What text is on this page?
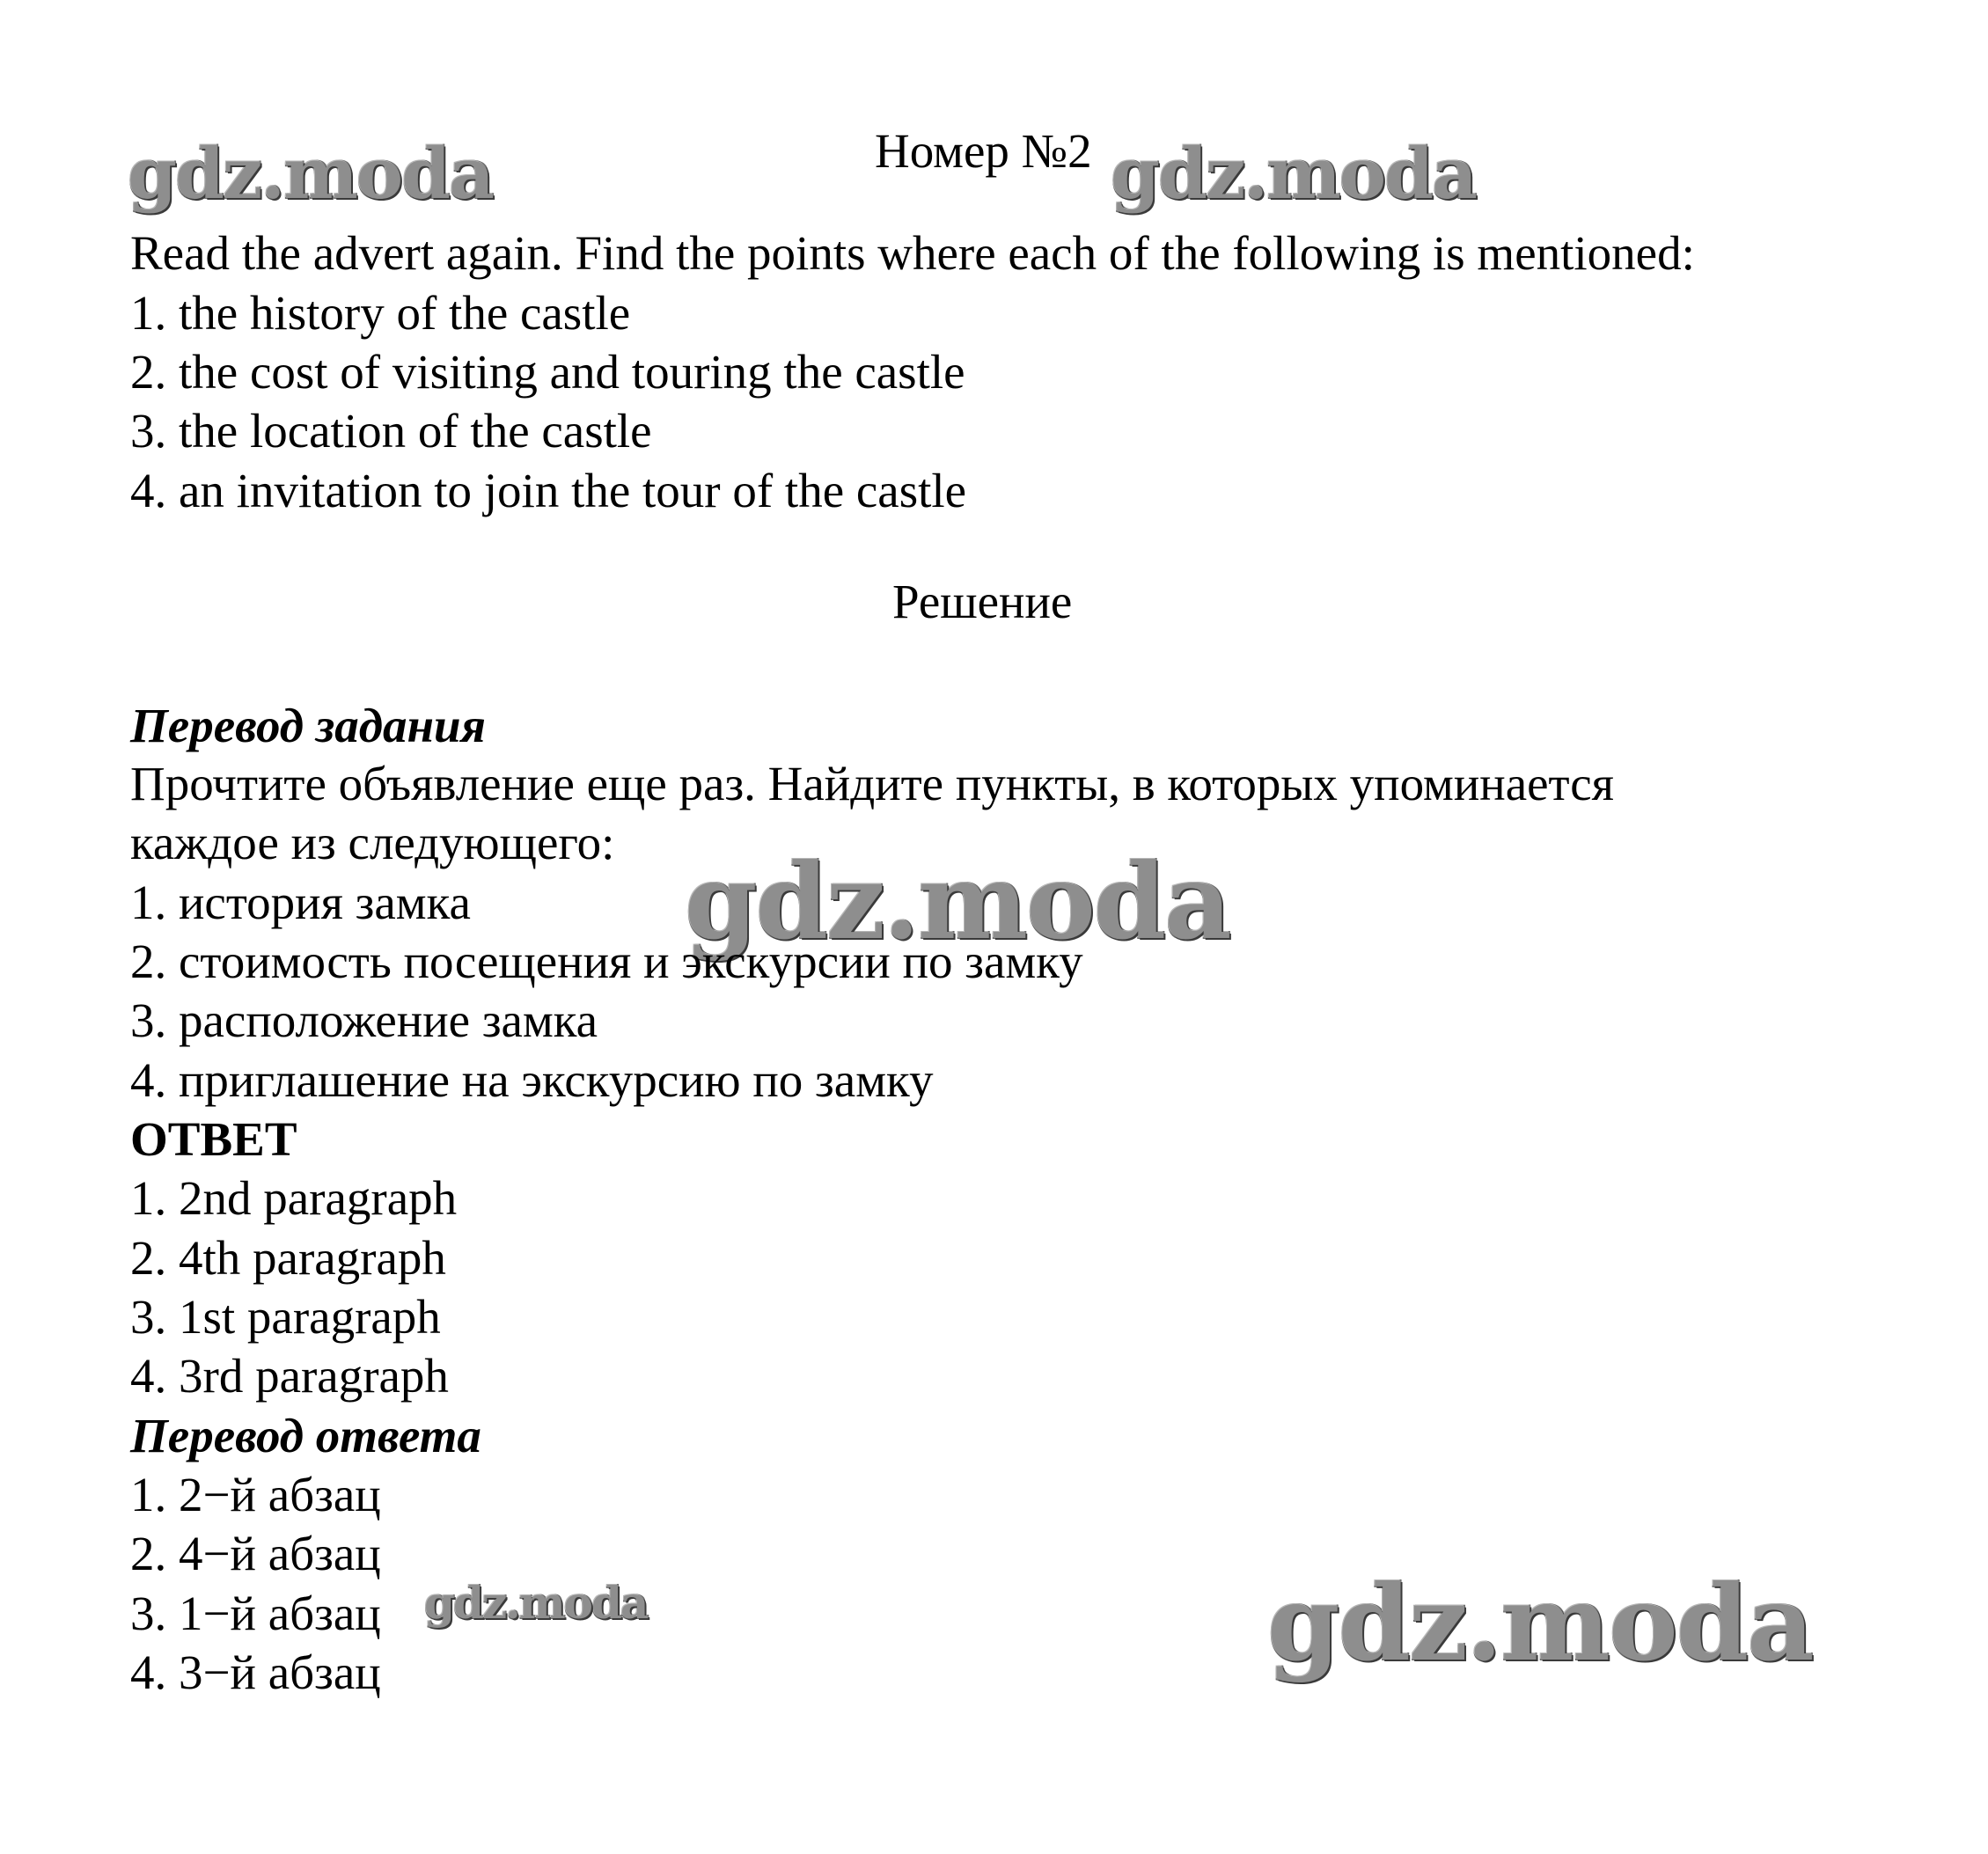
gdz.moda	gdz.moda
gdz.moda
gdz.moda	gdz.moda
Номер №2
Read the advert again. Find the points where each of the following is mentioned:
1. the history of the castle
2. the cost of visiting and touring the castle
3. the location of the castle
4. an invitation to join the tour of the castle
Решение
Перевод задания
Прочтите объявление еще раз. Найдите пункты, в которых упоминается
каждое из следующего:
1. история замка
2. стоимость посещения и экскурсии по замку
3. расположение замка
4. приглашение на экскурсию по замку
ОТВЕТ
1. 2nd paragraph
2. 4th paragraph
3. 1st paragraph
4. 3rd paragraph
Перевод ответа
1. 2−й абзац
2. 4−й абзац
3. 1−й абзац
4. 3−й абзац
